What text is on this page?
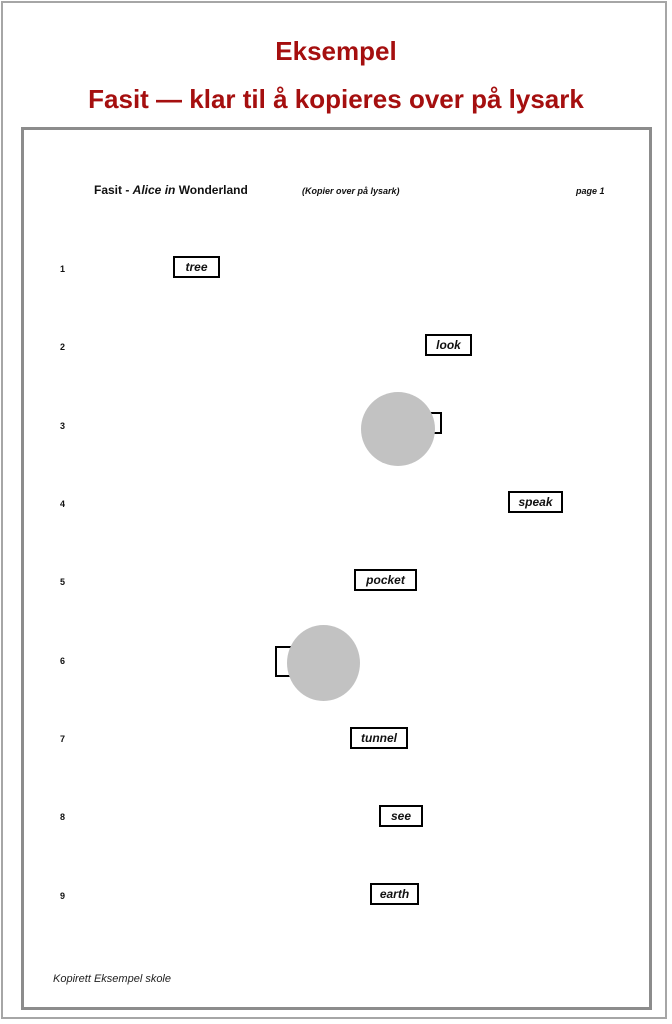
Eksempel
Fasit — klar til å kopieres over på lysark
Fasit - Alice in Wonderland	(Kopier over på lysark)	page 1
1	tree
2	look
3
4	speak
5	pocket
6
7	tunnel
8	see
9	earth
Kopirett Eksempel skole
